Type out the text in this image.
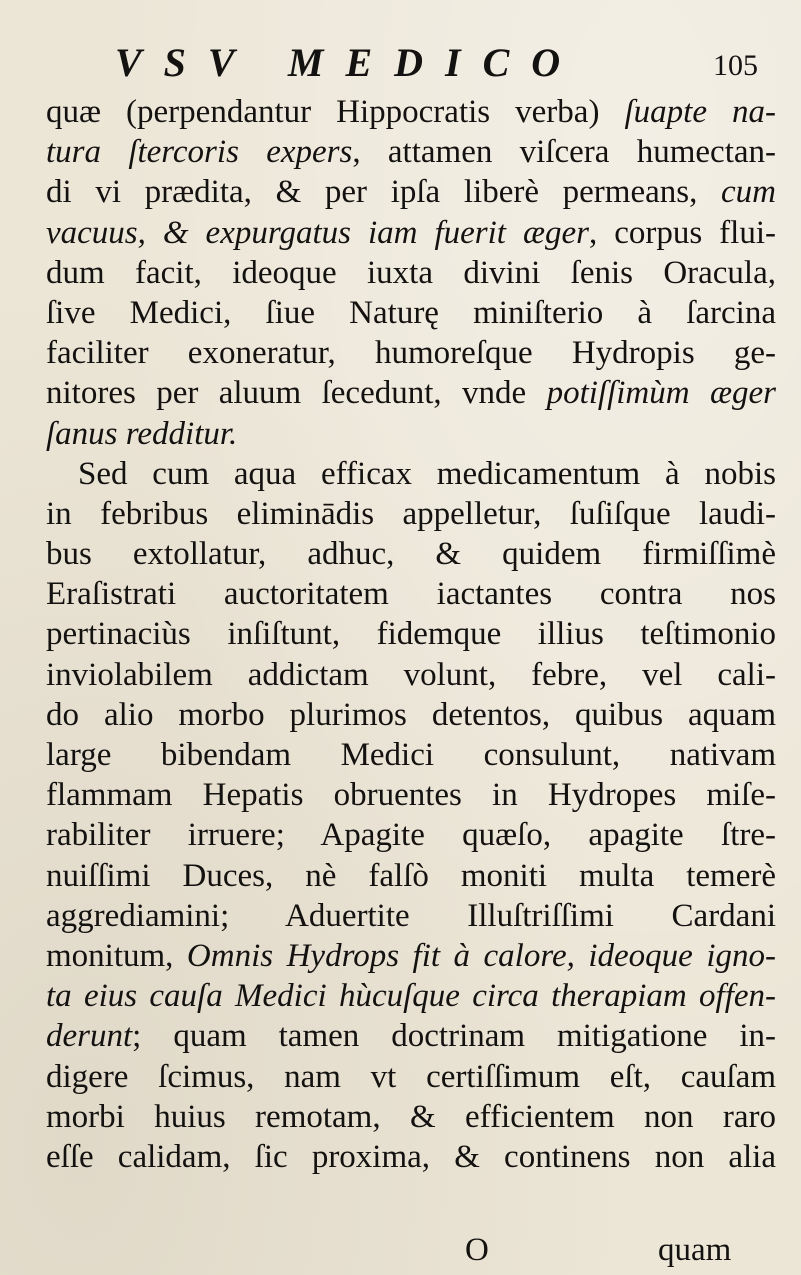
VSV MEDICO	105
quæ (perpendantur Hippocratis verba) ſuapte na-
tura ſtercoris expers, attamen viſcera humectan-
di vi prædita, & per ipſa liberè permeans, cum
vacuus, & expurgatus iam fuerit æger, corpus flui-
dum facit, ideoque iuxta divini ſenis Oracula,
ſive Medici, ſiue Naturę miniſterio à ſarcina
faciliter exoneratur, humoreſque Hydropis ge-
nitores per aluum ſecedunt, vnde potiſſimùm æger
ſanus redditur.
Sed cum aqua efficax medicamentum à nobis
in febribus eliminādis appelletur, ſuſiſque laudi-
bus extollatur, adhuc, & quidem firmiſſimè
Eraſistrati auctoritatem iactantes contra nos
pertinaciùs inſiſtunt, fidemque illius teſtimonio
inviolabilem addictam volunt, febre, vel cali-
do alio morbo plurimos detentos, quibus aquam
large bibendam Medici consulunt, nativam
flammam Hepatis obruentes in Hydropes miſe-
rabiliter irruere; Apagite quæſo, apagite ſtre-
nuiſſimi Duces, nè falſò moniti multa temerè
aggrediamini; Aduertite Illuſtriſſimi Cardani
monitum, Omnis Hydrops fit à calore, ideoque igno-
ta eius cauſa Medici hùcuſque circa therapiam offen-
derunt; quam tamen doctrinam mitigatione in-
digere ſcimus, nam vt certiſſimum eſt, cauſam
morbi huius remotam, & efficientem non raro
eſſe calidam, ſic proxima, & continens non alia
O	quam
